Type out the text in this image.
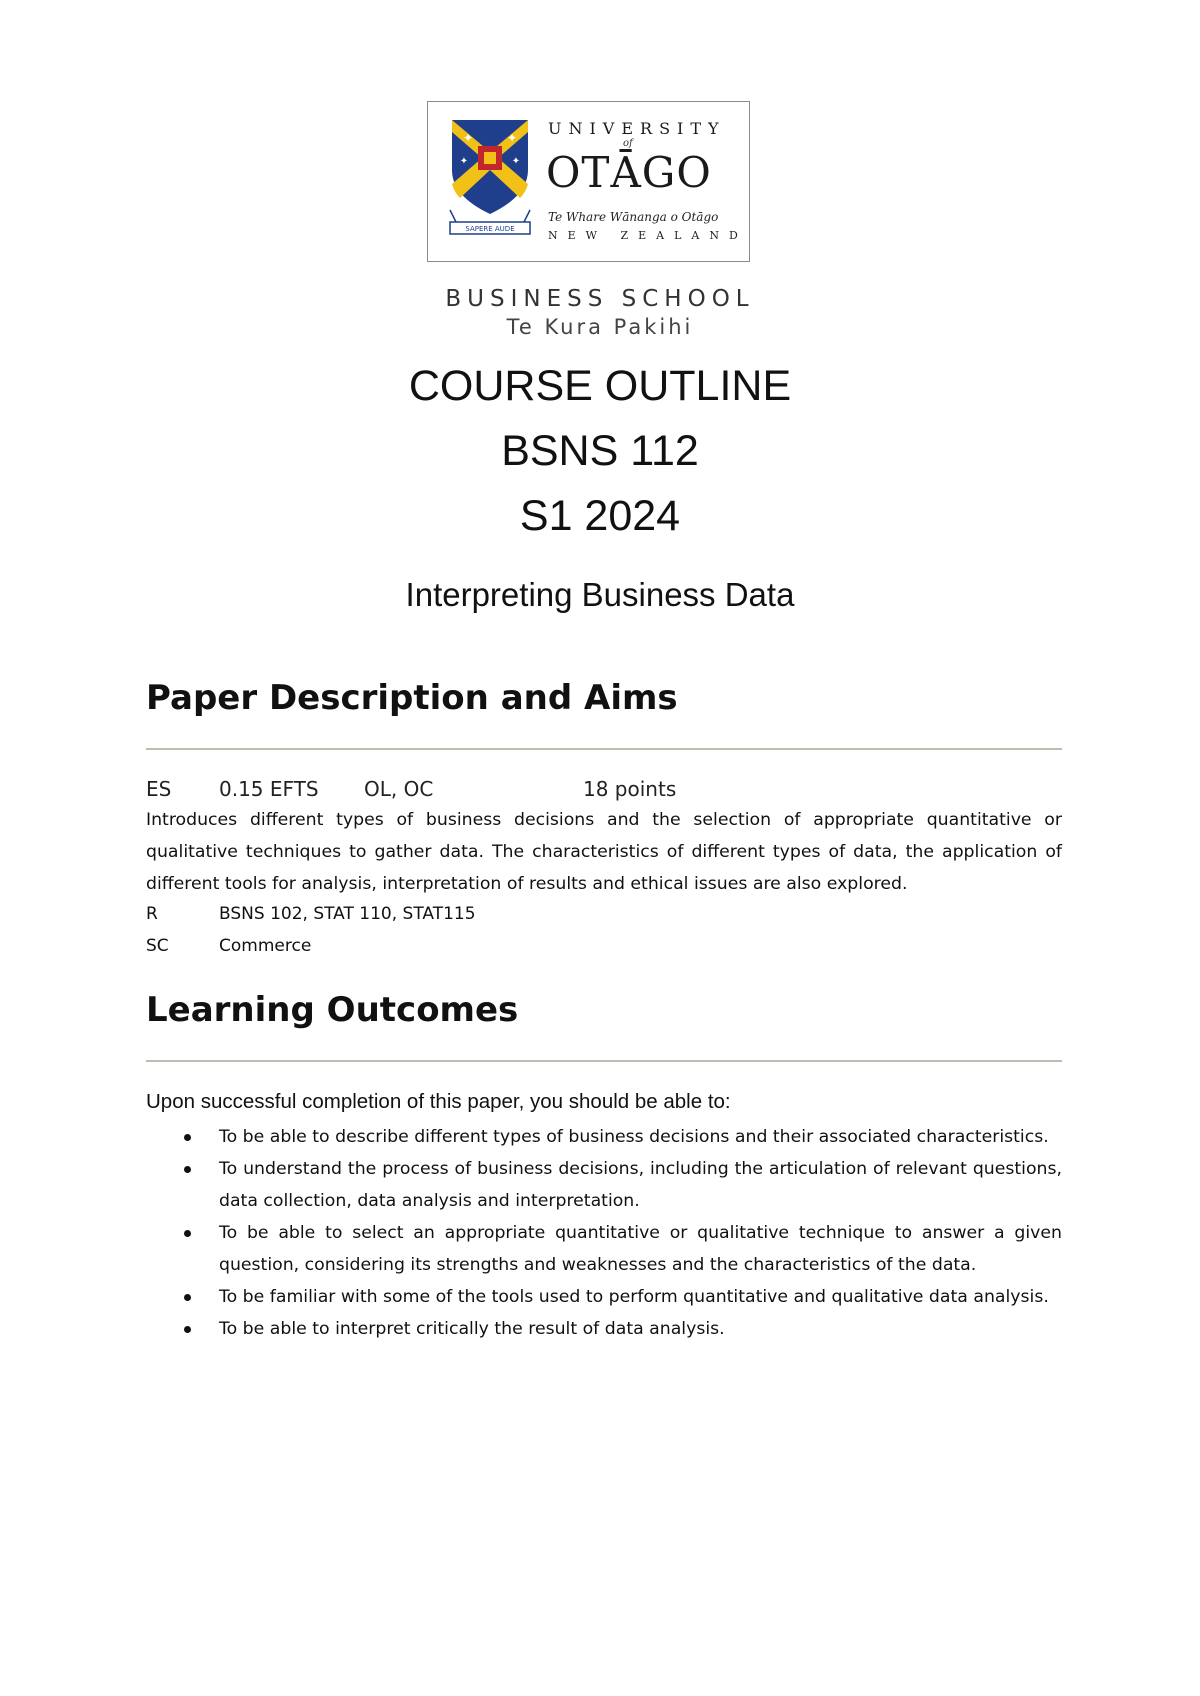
✦	✦
✦	✦
✦
SAPERE AUDE
UNIVERSITY
of
OTĀGO
Te Whare Wānanga o Otāgo
NEW ZEALAND
BUSINESS SCHOOL
Te Kura Pakihi
COURSE OUTLINE
BSNS 112
S1 2024
Interpreting Business Data
Paper Description and Aims
ES 0.15 EFTS OL, OC	18 points
Introduces different types of business decisions and the selection of appropriate quantitative or qualitative techniques to gather data. The characteristics of different types of data, the application of different tools for analysis, interpretation of results and ethical issues are also explored.
R	BSNS 102, STAT 110, STAT115
SC	Commerce
Learning Outcomes
Upon successful completion of this paper, you should be able to:
To be able to describe different types of business decisions and their associated characteristics.
To understand the process of business decisions, including the articulation of relevant questions, data collection, data analysis and interpretation.
To be able to select an appropriate quantitative or qualitative technique to answer a given question, considering its strengths and weaknesses and the characteristics of the data.
To be familiar with some of the tools used to perform quantitative and qualitative data analysis.
To be able to interpret critically the result of data analysis.
